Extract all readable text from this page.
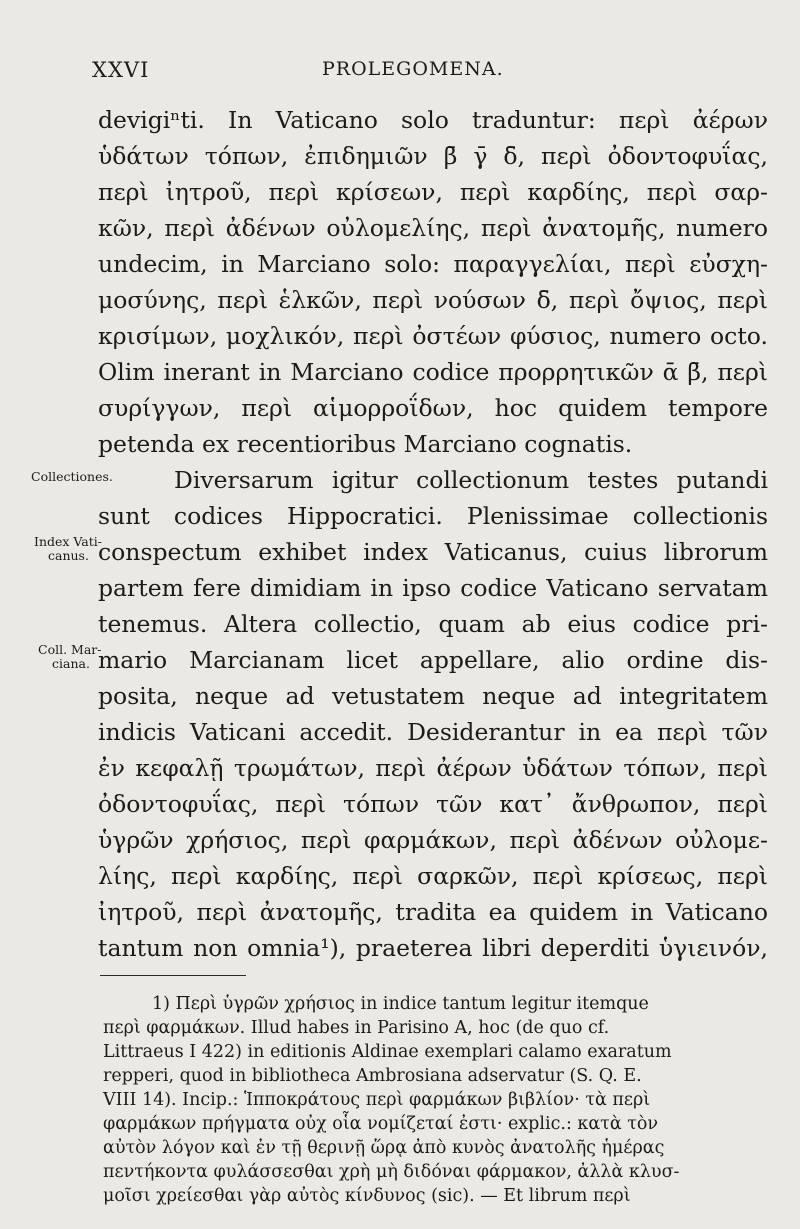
XXVI	PROLEGOMENA.
Collectiones.
Index Vati-
canus.
Coll. Mar-
ciana.
devigiⁿti. In Vaticano solo traduntur: περὶ ἀέρων
ὑδάτων τόπων, ἐπιδημιῶν β̄ γ̄ δ̄, περὶ ὀδοντοφυΐας,
περὶ ἰητροῦ, περὶ κρίσεων, περὶ καρδίης, περὶ σαρ-
κῶν, περὶ ἀδένων οὐλομελίης, περὶ ἀνατομῆς, numero
undecim, in Marciano solo: παραγγελίαι, περὶ εὐσχη-
μοσύνης, περὶ ἑλκῶν, περὶ νούσων δ̄, περὶ ὄψιος, περὶ
κρισίμων, μοχλικόν, περὶ ὀστέων φύσιος, numero octo.
Olim inerant in Marciano codice προρρητικῶν ᾱ β̄, περὶ
συρίγγων, περὶ αἱμορροΐδων, hoc quidem tempore
petenda ex recentioribus Marciano cognatis.
Diversarum igitur collectionum testes putandi
sunt codices Hippocratici. Plenissimae collectionis
conspectum exhibet index Vaticanus, cuius librorum
partem fere dimidiam in ipso codice Vaticano servatam
tenemus. Altera collectio, quam ab eius codice pri-
mario Marcianam licet appellare, alio ordine dis-
posita, neque ad vetustatem neque ad integritatem
indicis Vaticani accedit. Desiderantur in ea περὶ τῶν
ἐν κεφαλῇ τρωμάτων, περὶ ἀέρων ὑδάτων τόπων, περὶ
ὀδοντοφυΐας, περὶ τόπων τῶν κατ᾽ ἄνθρωπον, περὶ
ὑγρῶν χρήσιος, περὶ φαρμάκων, περὶ ἀδένων οὐλομε-
λίης, περὶ καρδίης, περὶ σαρκῶν, περὶ κρίσεως, περὶ
ἰητροῦ, περὶ ἀνατομῆς, tradita ea quidem in Vaticano
tantum non omnia¹), praeterea libri deperditi ὑγιεινόν,
1) Περὶ ὑγρῶν χρήσιος in indice tantum legitur itemque
περὶ φαρμάκων. Illud habes in Parisino A, hoc (de quo cf.
Littraeus I 422) in editionis Aldinae exemplari calamo exaratum
repperi, quod in bibliotheca Ambrosiana adservatur (S. Q. E.
VIII 14). Incip.: Ἱπποκράτους περὶ φαρμάκων βιβλίον· τὰ περὶ
φαρμάκων πρήγματα οὐχ οἷα νομίζεταί ἐστι· explic.: κατὰ τὸν
αὐτὸν λόγον καὶ ἐν τῇ θερινῇ ὥρᾳ ἀπὸ κυνὸς ἀνατολῆς ἡμέρας
πεντήκοντα φυλάσσεσθαι χρὴ μὴ διδόναι φάρμακον, ἀλλὰ κλυσ-
μοῖσι χρείεσθαι γὰρ αὐτὸς κίνδυνος (sic). — Et librum περὶ
